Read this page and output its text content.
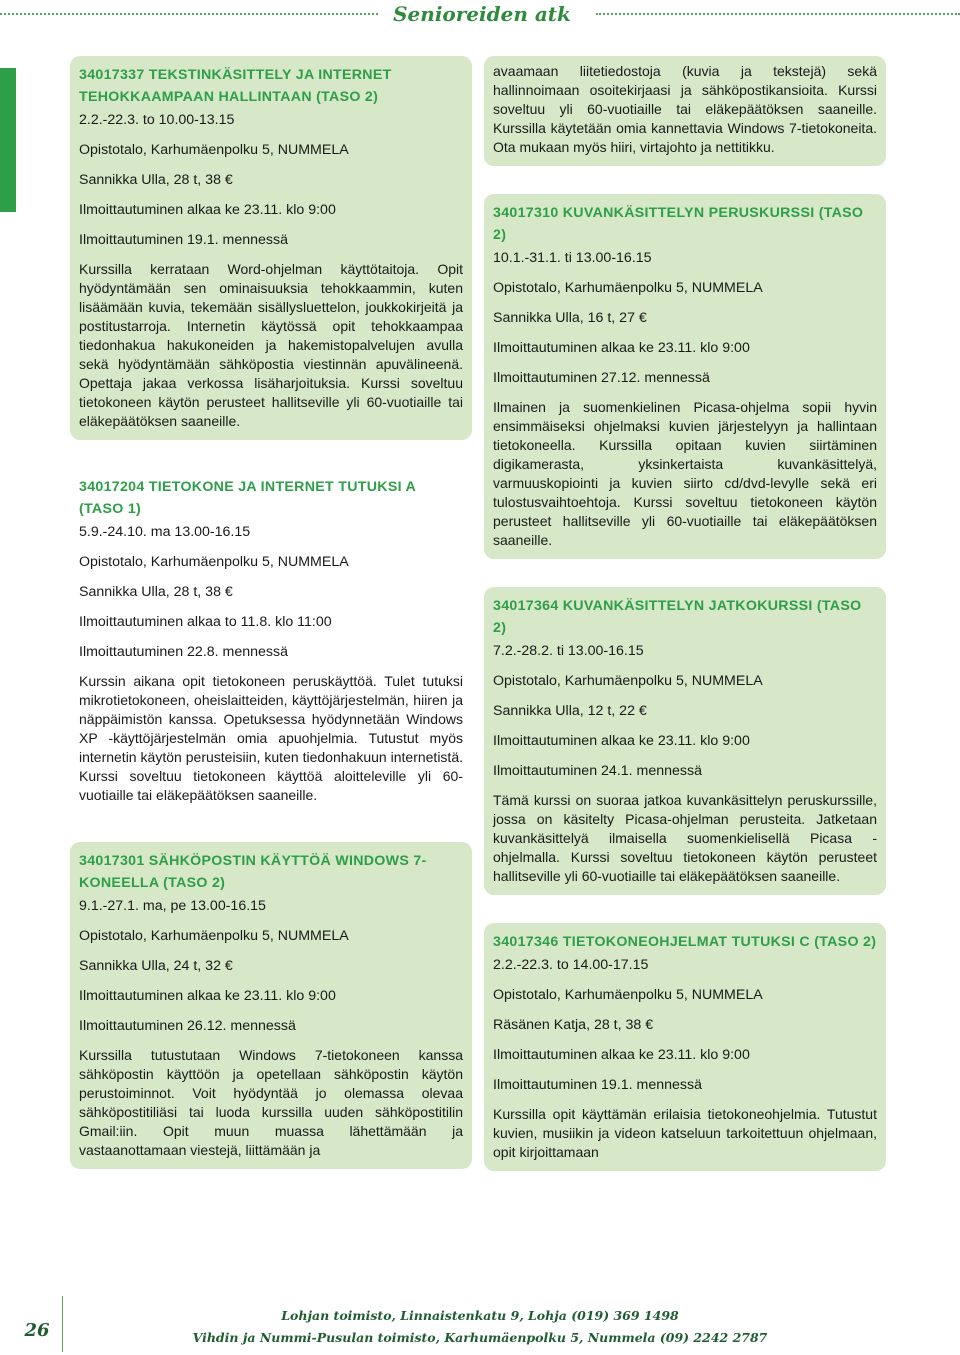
Senioreiden atk
34017337 TEKSTINKÄSITTELY JA INTERNET TEHOKKAAMPAAN HALLINTAAN (TASO 2)
2.2.-22.3. to 10.00-13.15
Opistotalo, Karhumäenpolku 5, NUMMELA
Sannikka Ulla, 28 t, 38 €
Ilmoittautuminen alkaa ke 23.11. klo 9:00
Ilmoittautuminen 19.1. mennessä
Kurssilla kerrataan Word-ohjelman käyttötaitoja. Opit hyödyntämään sen ominaisuuksia tehokkaammin, kuten lisäämään kuvia, tekemään sisällysluettelon, joukkokirjeitä ja postitustarroja. Internetin käytössä opit tehokkaampaa tiedonhakua hakukoneiden ja hakemistopalvelujen avulla sekä hyödyntämään sähköpostia viestinnän apuvälineenä. Opettaja jakaa verkossa lisäharjoituksia. Kurssi soveltuu tietokoneen käytön perusteet hallitseville yli 60-vuotiaille tai eläkepäätöksen saaneille.
34017204 TIETOKONE JA INTERNET TUTUKSI A (TASO 1)
5.9.-24.10. ma 13.00-16.15
Opistotalo, Karhumäenpolku 5, NUMMELA
Sannikka Ulla, 28 t, 38 €
Ilmoittautuminen alkaa to 11.8. klo 11:00
Ilmoittautuminen 22.8. mennessä
Kurssin aikana opit tietokoneen peruskäyttöä. Tulet tutuksi mikrotietokoneen, oheislaitteiden, käyttöjärjestelmän, hiiren ja näppäimistön kanssa. Opetuksessa hyödynnetään Windows XP -käyttöjärjestelmän omia apuohjelmia. Tutustut myös internetin käytön perusteisiin, kuten tiedonhakuun internetistä. Kurssi soveltuu tietokoneen käyttöä aloitteleville yli 60-vuotiaille tai eläkepäätöksen saaneille.
34017301 SÄHKÖPOSTIN KÄYTTÖÄ WINDOWS 7-KONEELLA (TASO 2)
9.1.-27.1. ma, pe 13.00-16.15
Opistotalo, Karhumäenpolku 5, NUMMELA
Sannikka Ulla, 24 t, 32 €
Ilmoittautuminen alkaa ke 23.11. klo 9:00
Ilmoittautuminen 26.12. mennessä
Kurssilla tutustutaan Windows 7-tietokoneen kanssa sähköpostin käyttöön ja opetellaan sähköpostin käytön perustoiminnot. Voit hyödyntää jo olemassa olevaa sähköpostitiliäsi tai luoda kurssilla uuden sähköpostitilin Gmail:iin. Opit muun muassa lähettämään ja vastaanottamaan viestejä, liittämään ja
avaamaan liitetiedostoja (kuvia ja tekstejä) sekä hallinnoimaan osoitekirjaasi ja sähköpostikansioita. Kurssi soveltuu yli 60-vuotiaille tai eläkepäätöksen saaneille. Kurssilla käytetään omia kannettavia Windows 7-tietokoneita. Ota mukaan myös hiiri, virtajohto ja nettitikku.
34017310 KUVANKÄSITTELYN PERUSKURSSI (TASO 2)
10.1.-31.1. ti 13.00-16.15
Opistotalo, Karhumäenpolku 5, NUMMELA
Sannikka Ulla, 16 t, 27 €
Ilmoittautuminen alkaa ke 23.11. klo 9:00
Ilmoittautuminen 27.12. mennessä
Ilmainen ja suomenkielinen Picasa-ohjelma sopii hyvin ensimmäiseksi ohjelmaksi kuvien järjestelyyn ja hallintaan tietokoneella. Kurssilla opitaan kuvien siirtäminen digikamerasta, yksinkertaista kuvankäsittelyä, varmuuskopiointi ja kuvien siirto cd/dvd-levylle sekä eri tulostusvaihtoehtoja. Kurssi soveltuu tietokoneen käytön perusteet hallitseville yli 60-vuotiaille tai eläkepäätöksen saaneille.
34017364 KUVANKÄSITTELYN JATKOKURSSI (TASO 2)
7.2.-28.2. ti 13.00-16.15
Opistotalo, Karhumäenpolku 5, NUMMELA
Sannikka Ulla, 12 t, 22 €
Ilmoittautuminen alkaa ke 23.11. klo 9:00
Ilmoittautuminen 24.1. mennessä
Tämä kurssi on suoraa jatkoa kuvankäsittelyn peruskurssille, jossa on käsitelty Picasa-ohjelman perusteita. Jatketaan kuvankäsittelyä ilmaisella suomenkielisellä Picasa -ohjelmalla. Kurssi soveltuu tietokoneen käytön perusteet hallitseville yli 60-vuotiaille tai eläkepäätöksen saaneille.
34017346 TIETOKONEOHJELMAT TUTUKSI C (TASO 2)
2.2.-22.3. to 14.00-17.15
Opistotalo, Karhumäenpolku 5, NUMMELA
Räsänen Katja, 28 t, 38 €
Ilmoittautuminen alkaa ke 23.11. klo 9:00
Ilmoittautuminen 19.1. mennessä
Kurssilla opit käyttämän erilaisia tietokoneohjelmia. Tutustut kuvien, musiikin ja videon katseluun tarkoitettuun ohjelmaan, opit kirjoittamaan
26
Lohjan toimisto, Linnaistenkatu 9, Lohja (019) 369 1498
Vihdin ja Nummi-Pusulan toimisto, Karhumäenpolku 5, Nummela (09) 2242 2787
